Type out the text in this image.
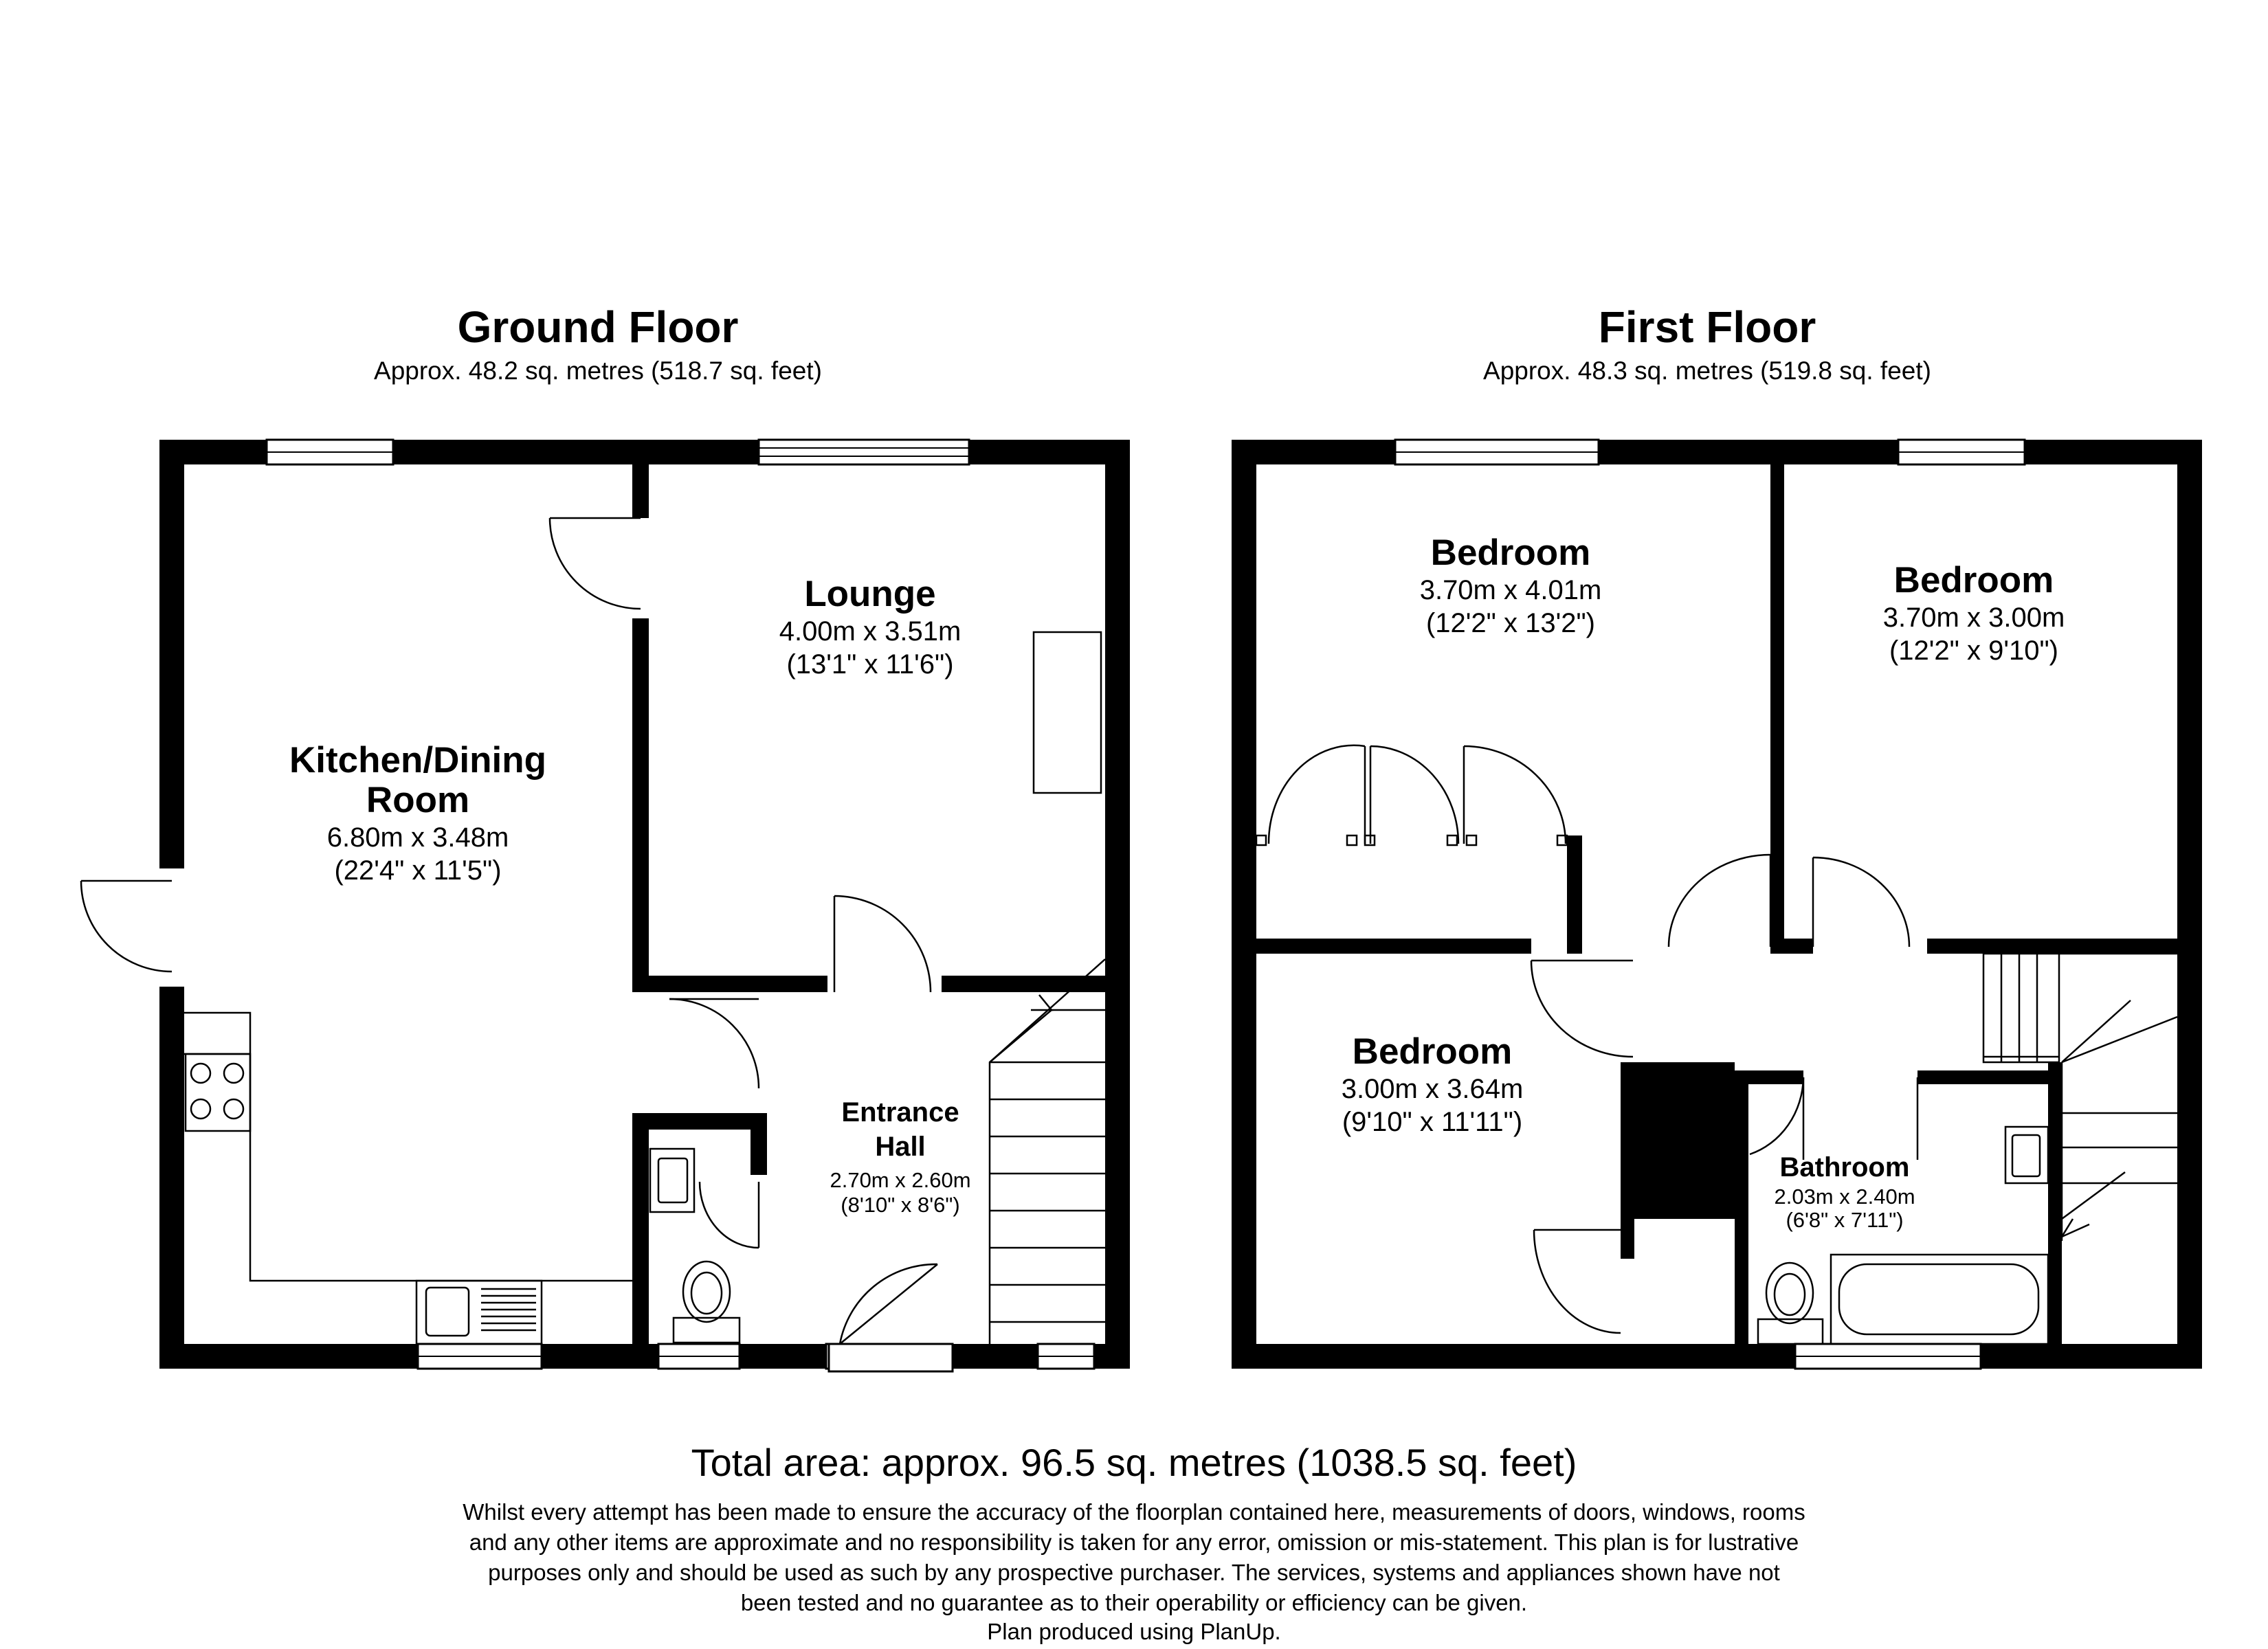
Kitchen/Dining
Room
6.80m x 3.48m
(22'4" x 11'5")
Lounge
4.00m x 3.51m
(13'1" x 11'6")
Entrance
Hall
2.70m x 2.60m
(8'10" x 8'6")
Ground Floor
Approx. 48.2 sq. metres (518.7 sq. feet)
Bedroom
3.70m x 4.01m
(12'2" x 13'2")
Bedroom
3.70m x 3.00m
(12'2" x 9'10")
Bedroom
3.00m x 3.64m
(9'10" x 11'11")
Bathroom
2.03m x 2.40m
(6'8" x 7'11")
First Floor
Approx. 48.3 sq. metres (519.8 sq. feet)
Total area: approx. 96.5 sq. metres (1038.5 sq. feet)
Whilst every attempt has been made to ensure the accuracy of the floorplan contained here, measurements of doors, windows, rooms
and any other items are approximate and no responsibility is taken for any error, omission or mis-statement. This plan is for lustrative
purposes only and should be used as such by any prospective purchaser. The services, systems and appliances shown have not
been tested and no guarantee as to their operability or efficiency can be given.
Plan produced using PlanUp.
